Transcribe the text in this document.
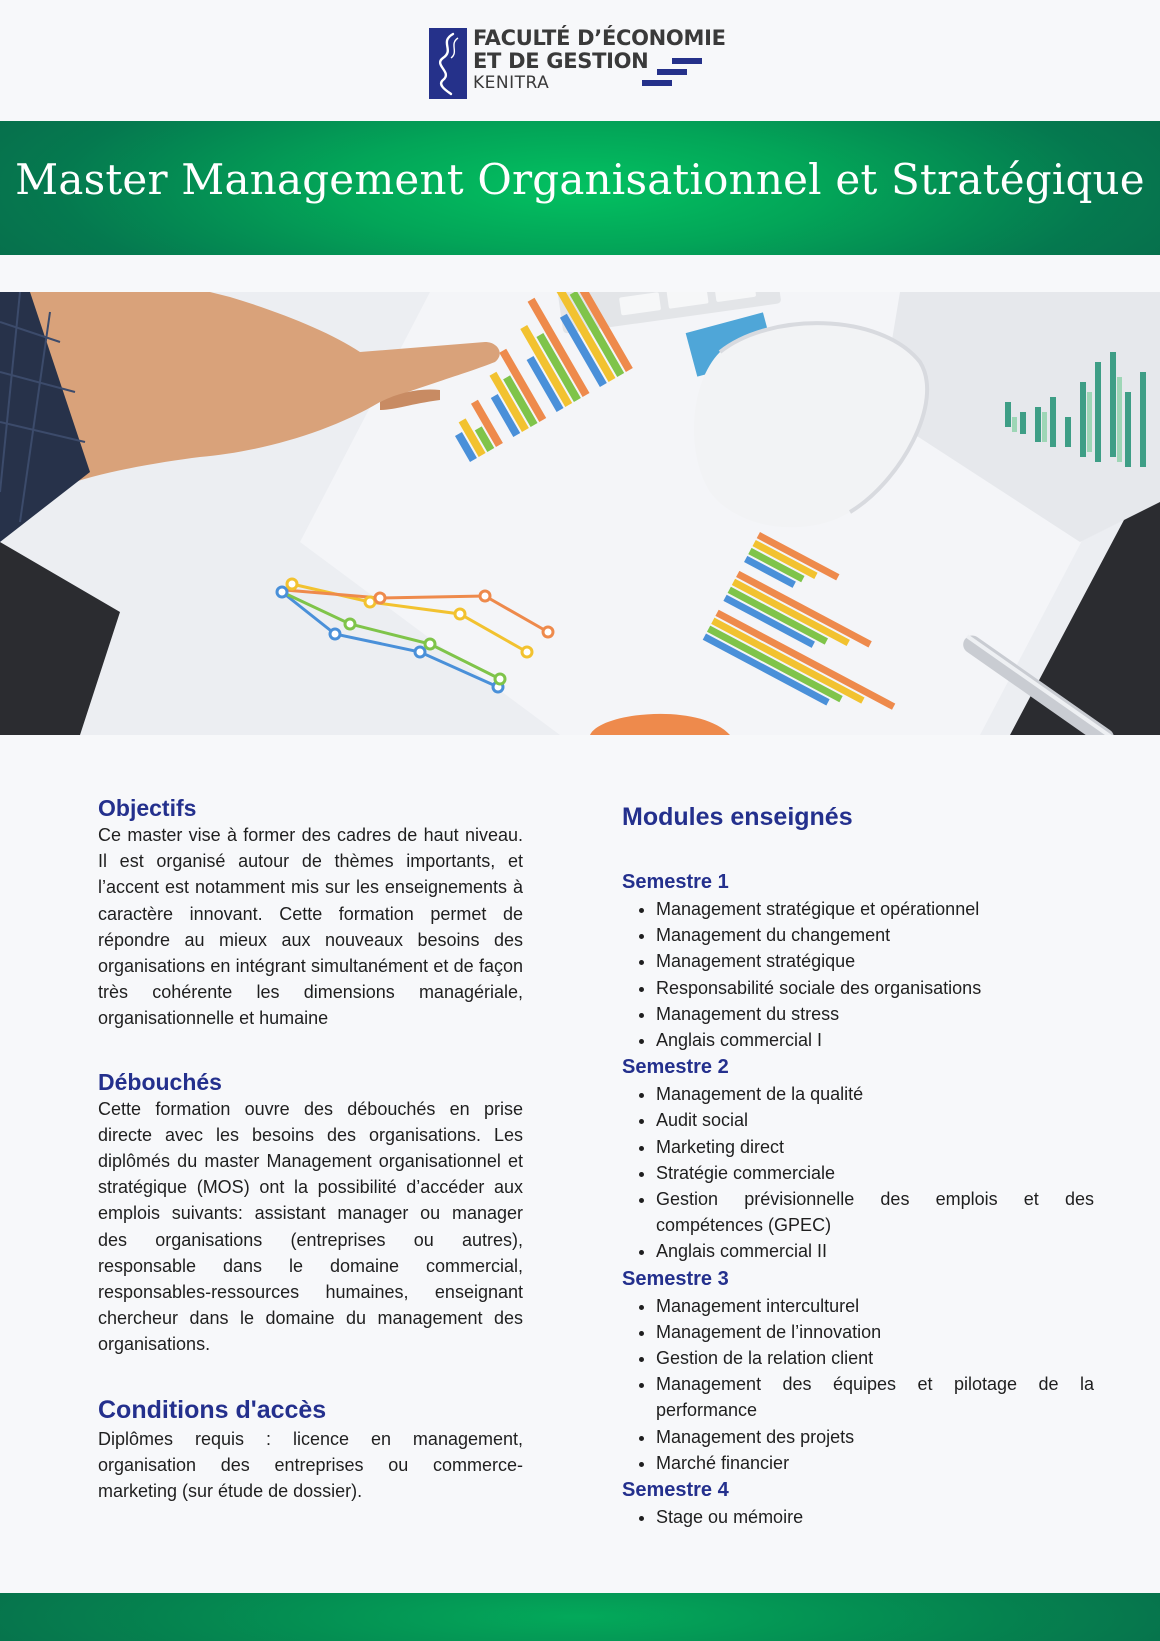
FACULTÉ D’ÉCONOMIE
ET DE GESTION
KENITRA
Master Management Organisationnel et Stratégique
Objectifs

Ce master vise à former des cadres de haut niveau. Il est organisé autour de thèmes importants, et l’accent est notamment mis sur les enseignements à caractère innovant. Cette formation permet de répondre au mieux aux nouveaux besoins des organisations en intégrant simultanément et de façon très cohérente les dimensions managériale, organisationnelle et humaine

Débouchés

Cette formation ouvre des débouchés en prise directe avec les besoins des organisations. Les diplômés du master Management organisationnel et stratégique (MOS) ont la possibilité d’accéder aux emplois suivants: assistant manager ou manager des organisations (entreprises ou autres), responsable dans le domaine commercial, responsables-ressources humaines, enseignant chercheur dans le domaine du management des organisations.

Conditions d'accès

Diplômes requis : licence en management, organisation des entreprises ou commerce-marketing (sur étude de dossier).

Modules enseignés
Semestre 1
• Management stratégique et opérationnel
• Management du changement
• Management stratégique
• Responsabilité sociale des organisations
• Management du stress
• Anglais commercial I
Semestre 2
• Management de la qualité
• Audit social
• Marketing direct
• Stratégie commerciale
• Gestion prévisionnelle des emplois et des compétences (GPEC)
• Anglais commercial II
Semestre 3
• Management interculturel
• Management de l’innovation
• Gestion de la relation client
• Management des équipes et pilotage de la performance
• Management des projets
• Marché financier
Semestre 4
• Stage ou mémoire
